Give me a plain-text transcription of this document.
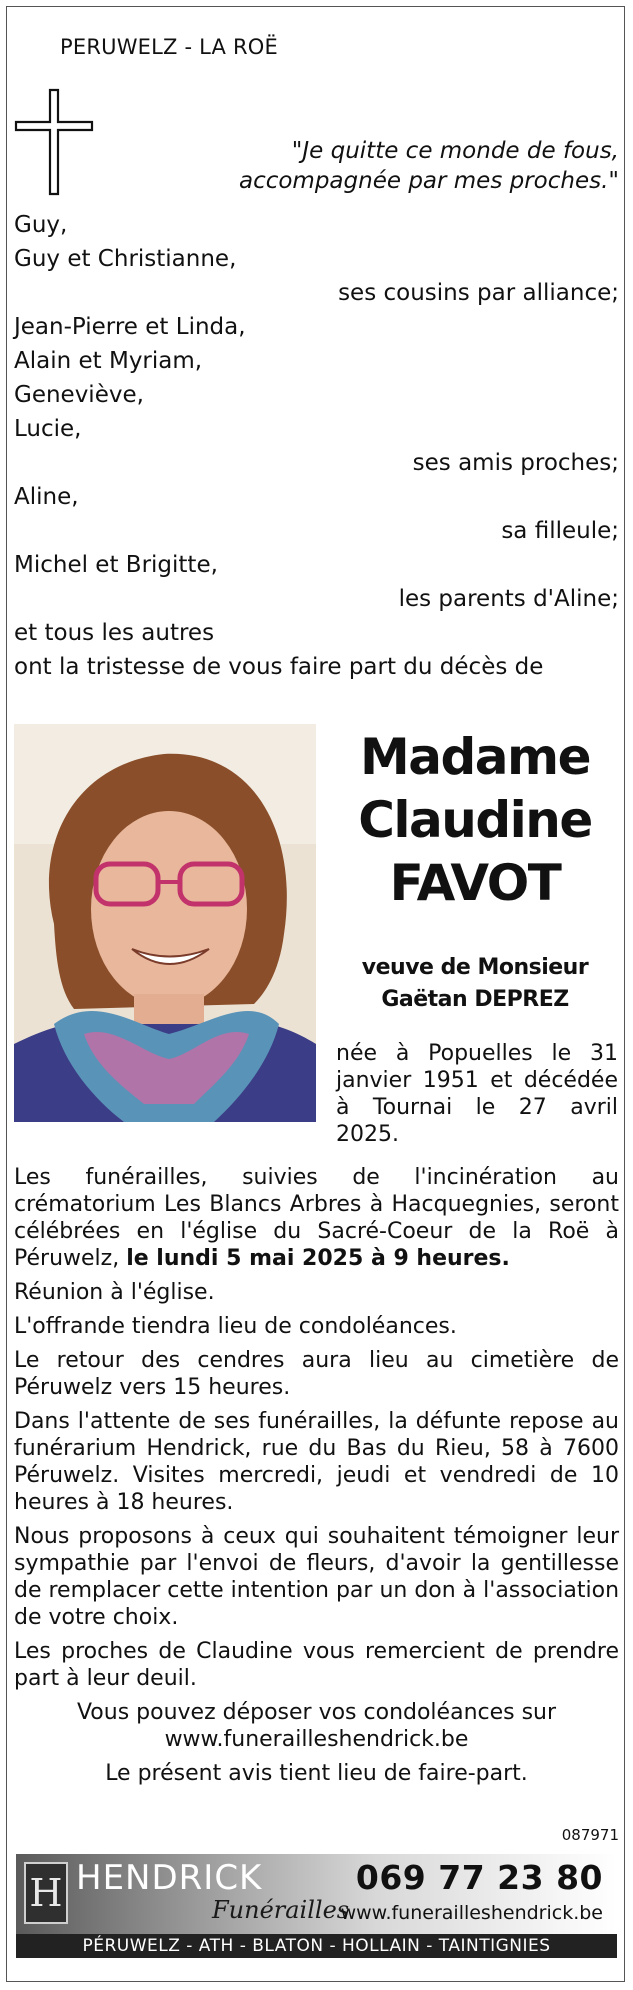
PERUWELZ - LA ROË
"Je quitte ce monde de fous,
accompagnée par mes proches."
Guy,
Guy et Christianne,
ses cousins par alliance;
Jean-Pierre et Linda,
Alain et Myriam,
Geneviève,
Lucie,
ses amis proches;
Aline,
sa filleule;
Michel et Brigitte,
les parents d'Aline;
et tous les autres
ont la tristesse de vous faire part du décès de
Madame
Claudine
FAVOT
veuve de Monsieur
Gaëtan DEPREZ
née à Popuelles le 31 janvier 1951 et décédée à Tournai le 27 avril 2025.

Les funérailles, suivies de l'incinération au crématorium Les Blancs Arbres à Hacquegnies, seront célébrées en l'église du Sacré-Coeur de la Roë à Péruwelz, le lundi 5 mai 2025 à 9 heures.

Réunion à l'église.

L'offrande tiendra lieu de condoléances.

Le retour des cendres aura lieu au cimetière de Péruwelz vers 15 heures.

Dans l'attente de ses funérailles, la défunte repose au funérarium Hendrick, rue du Bas du Rieu, 58 à 7600 Péruwelz. Visites mercredi, jeudi et vendredi de 10 heures à 18 heures.

Nous proposons à ceux qui souhaitent témoigner leur sympathie par l'envoi de fleurs, d'avoir la gentillesse de remplacer cette intention par un don à l'association de votre choix.

Les proches de Claudine vous remercient de prendre part à leur deuil.

Vous pouvez déposer vos condoléances sur

www.funerailleshendrick.be

Le présent avis tient lieu de faire-part.

087971
H HENDRICK
Funérailles
069 77 23 80
www.funerailleshendrick.be
PÉRUWELZ - ATH - BLATON - HOLLAIN - TAINTIGNIES
